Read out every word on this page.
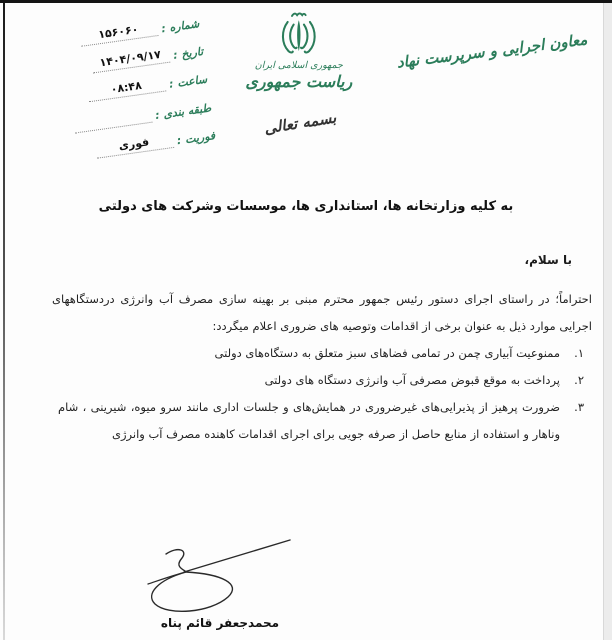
شماره :
۱۵۶۰۶۰
تاریخ :
۱۴۰۴/۰۹/۱۷
ساعت :
۰۸:۴۸
طبقه بندی :
فوریت :
فوری
جمهوری اسلامی ایران
ریاست جمهوری
معاون اجرایی و سرپرست نهاد
بسمه تعالی
به کلیه وزارتخانه ها، استانداری ها، موسسات وشرکت های دولتی
با سلام،
احتراماً؛ در راستای اجرای دستور رئیس جمهور محترم مبنی بر بهینه سازی مصرف آب وانرژی دردستگاههای اجرایی موارد ذیل به عنوان برخی از اقدامات وتوصیه های ضروری اعلام میگردد:
۱.
ممنوعیت آبیاری چمن در تمامی فضاهای سبز متعلق به دستگاه‌های دولتی
۲.
پرداخت به موقع قبوض مصرفی آب وانرژی دستگاه های دولتی
۳.
ضرورت پرهیز از پذیرایی‌های غیرضروری در همایش‌های و جلسات اداری مانند سرو میوه، شیرینی ، شام وناهار و استفاده از منابع حاصل از صرفه جویی برای اجرای اقدامات کاهنده مصرف آب وانرژی
محمدجعفر قائم پناه
